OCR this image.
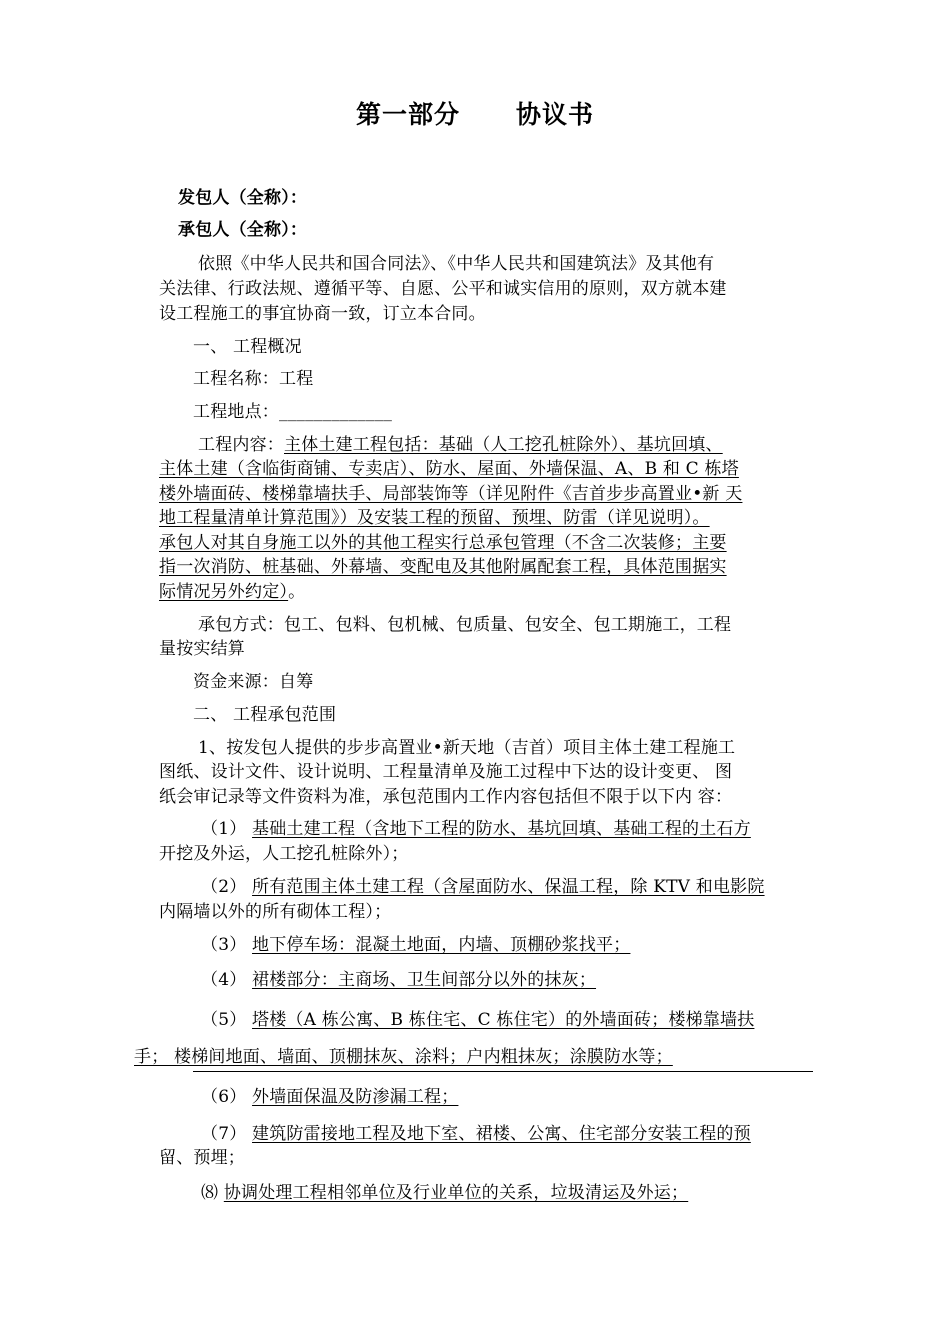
第一部分 协议书
发包人（全称）：
承包人（全称）：
依照《中华人民共和国合同法》、《中华人民共和国建筑法》及其他有
关法律、行政法规、遵循平等、自愿、公平和诚实信用的原则，双方就本建
设工程施工的事宜协商一致，订立本合同。
一、 工程概况
工程名称：工程
工程地点：_____________
工程内容：主体土建工程包括：基础（人工挖孔桩除外）、基坑回填、
主体土建（含临街商铺、专卖店）、防水、屋面、外墙保温、A、B 和 C 栋塔
楼外墙面砖、楼梯靠墙扶手、局部装饰等（详见附件《吉首步步高置业•新 天
地工程量清单计算范围》）及安装工程的预留、预埋、防雷（详见说明）。
承包人对其自身施工以外的其他工程实行总承包管理（不含二次装修；主要
指一次消防、桩基础、外幕墙、变配电及其他附属配套工程，具体范围据实
际情况另外约定）。
承包方式：包工、包料、包机械、包质量、包安全、包工期施工，工程
量按实结算
资金来源：自筹
二、 工程承包范围
1、按发包人提供的步步高置业•新天地（吉首）项目主体土建工程施工
图纸、设计文件、设计说明、工程量清单及施工过程中下达的设计变更、 图
纸会审记录等文件资料为准，承包范围内工作内容包括但不限于以下内 容：
（1） 基础土建工程（含地下工程的防水、基坑回填、基础工程的土石方
开挖及外运，人工挖孔桩除外）；
（2） 所有范围主体土建工程（含屋面防水、保温工程，除 KTV 和电影院
内隔墙以外的所有砌体工程）；
（3） 地下停车场：混凝土地面，内墙、顶棚砂浆找平；
（4） 裙楼部分：主商场、卫生间部分以外的抹灰；
（5） 塔楼（A 栋公寓、B 栋住宅、C 栋住宅）的外墙面砖；楼梯靠墙扶
手； 楼梯间地面、墙面、顶棚抹灰、涂料；户内粗抹灰；涂膜防水等；
（6） 外墙面保温及防渗漏工程；
（7） 建筑防雷接地工程及地下室、裙楼、公寓、住宅部分安装工程的预
留、预埋；
⑻ 协调处理工程相邻单位及行业单位的关系，垃圾清运及外运；
